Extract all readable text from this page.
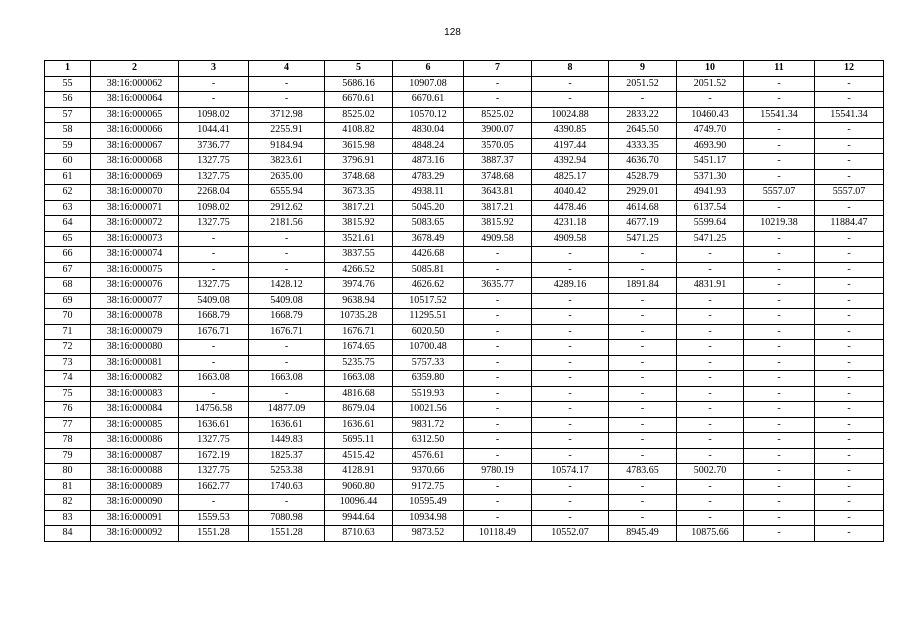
128
1	2	3	4	5	6	7	8	9	10	11	12
55	38:16:000062	-	-	5686.16	10907.08	-	-	2051.52	2051.52	-	-
56	38:16:000064	-	-	6670.61	6670.61	-	-	-	-	-	-
57	38:16:000065	1098.02	3712.98	8525.02	10570.12	8525.02	10024.88	2833.22	10460.43	15541.34	15541.34
58	38:16:000066	1044.41	2255.91	4108.82	4830.04	3900.07	4390.85	2645.50	4749.70	-	-
59	38:16:000067	3736.77	9184.94	3615.98	4848.24	3570.05	4197.44	4333.35	4693.90	-	-
60	38:16:000068	1327.75	3823.61	3796.91	4873.16	3887.37	4392.94	4636.70	5451.17	-	-
61	38:16:000069	1327.75	2635.00	3748.68	4783.29	3748.68	4825.17	4528.79	5371.30	-	-
62	38:16:000070	2268.04	6555.94	3673.35	4938.11	3643.81	4040.42	2929.01	4941.93	5557.07	5557.07
63	38:16:000071	1098.02	2912.62	3817.21	5045.20	3817.21	4478.46	4614.68	6137.54	-	-
64	38:16:000072	1327.75	2181.56	3815.92	5083.65	3815.92	4231.18	4677.19	5599.64	10219.38	11884.47
65	38:16:000073	-	-	3521.61	3678.49	4909.58	4909.58	5471.25	5471.25	-	-
66	38:16:000074	-	-	3837.55	4426.68	-	-	-	-	-	-
67	38:16:000075	-	-	4266.52	5085.81	-	-	-	-	-	-
68	38:16:000076	1327.75	1428.12	3974.76	4626.62	3635.77	4289.16	1891.84	4831.91	-	-
69	38:16:000077	5409.08	5409.08	9638.94	10517.52	-	-	-	-	-	-
70	38:16:000078	1668.79	1668.79	10735.28	11295.51	-	-	-	-	-	-
71	38:16:000079	1676.71	1676.71	1676.71	6020.50	-	-	-	-	-	-
72	38:16:000080	-	-	1674.65	10700.48	-	-	-	-	-	-
73	38:16:000081	-	-	5235.75	5757.33	-	-	-	-	-	-
74	38:16:000082	1663.08	1663.08	1663.08	6359.80	-	-	-	-	-	-
75	38:16:000083	-	-	4816.68	5519.93	-	-	-	-	-	-
76	38:16:000084	14756.58	14877.09	8679.04	10021.56	-	-	-	-	-	-
77	38:16:000085	1636.61	1636.61	1636.61	9831.72	-	-	-	-	-	-
78	38:16:000086	1327.75	1449.83	5695.11	6312.50	-	-	-	-	-	-
79	38:16:000087	1672.19	1825.37	4515.42	4576.61	-	-	-	-	-	-
80	38:16:000088	1327.75	5253.38	4128.91	9370.66	9780.19	10574.17	4783.65	5002.70	-	-
81	38:16:000089	1662.77	1740.63	9060.80	9172.75	-	-	-	-	-	-
82	38:16:000090	-	-	10096.44	10595.49	-	-	-	-	-	-
83	38:16:000091	1559.53	7080.98	9944.64	10934.98	-	-	-	-	-	-
84	38:16:000092	1551.28	1551.28	8710.63	9873.52	10118.49	10552.07	8945.49	10875.66	-	-
